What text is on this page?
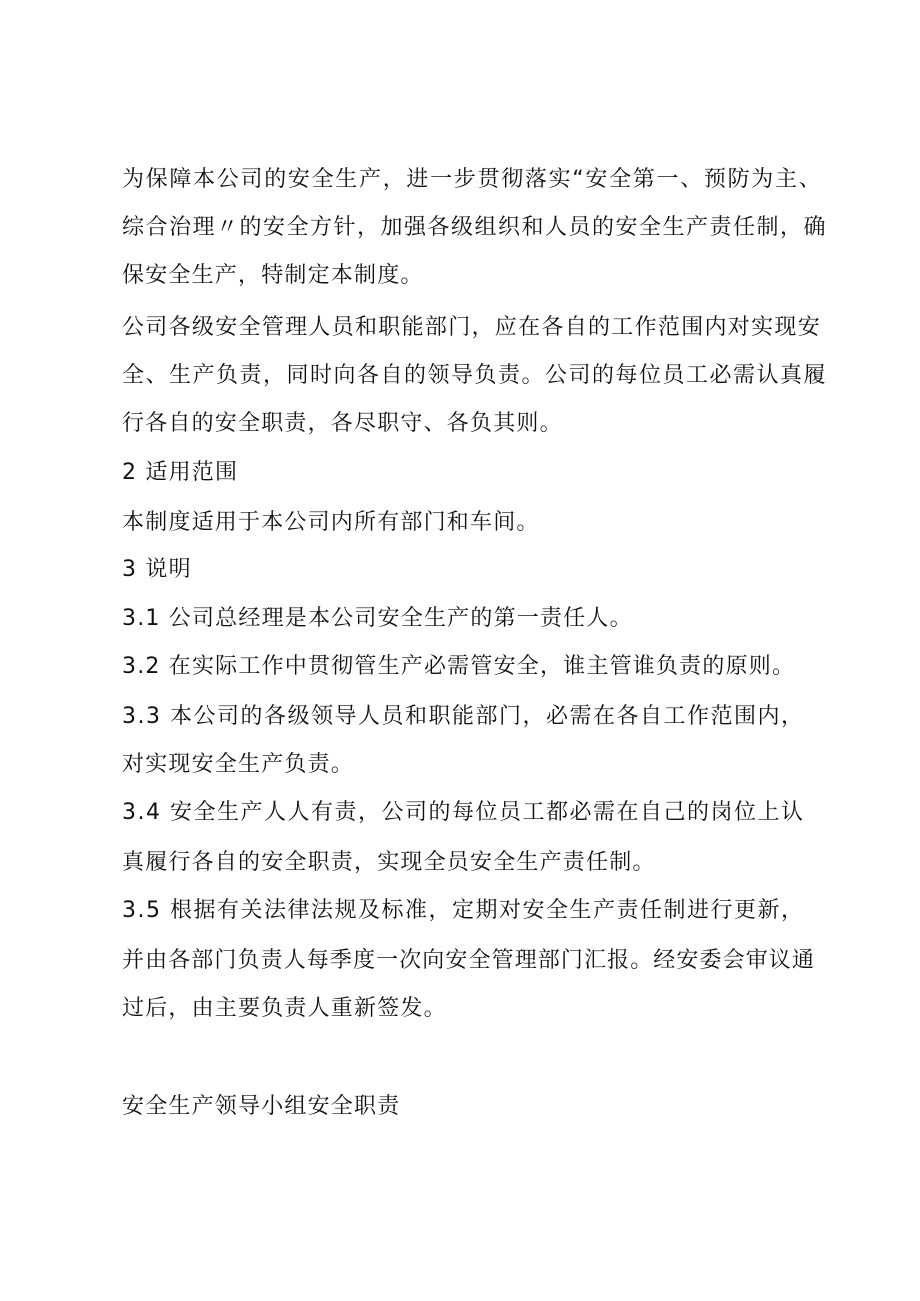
为保障本公司的安全生产，进一步贯彻落实“安全第一、预防为主、
综合治理〃的安全方针，加强各级组织和人员的安全生产责任制，确
保安全生产，特制定本制度。
公司各级安全管理人员和职能部门，应在各自的工作范围内对实现安
全、生产负责，同时向各自的领导负责。公司的每位员工必需认真履
行各自的安全职责，各尽职守、各负其则。
2 适用范围
本制度适用于本公司内所有部门和车间。
3 说明
3.1 公司总经理是本公司安全生产的第一责任人。
3.2 在实际工作中贯彻管生产必需管安全，谁主管谁负责的原则。
3.3 本公司的各级领导人员和职能部门，必需在各自工作范围内，
对实现安全生产负责。
3.4 安全生产人人有责，公司的每位员工都必需在自己的岗位上认
真履行各自的安全职责，实现全员安全生产责任制。
3.5 根据有关法律法规及标准，定期对安全生产责任制进行更新，
并由各部门负责人每季度一次向安全管理部门汇报。经安委会审议通
过后，由主要负责人重新签发。
安全生产领导小组安全职责
